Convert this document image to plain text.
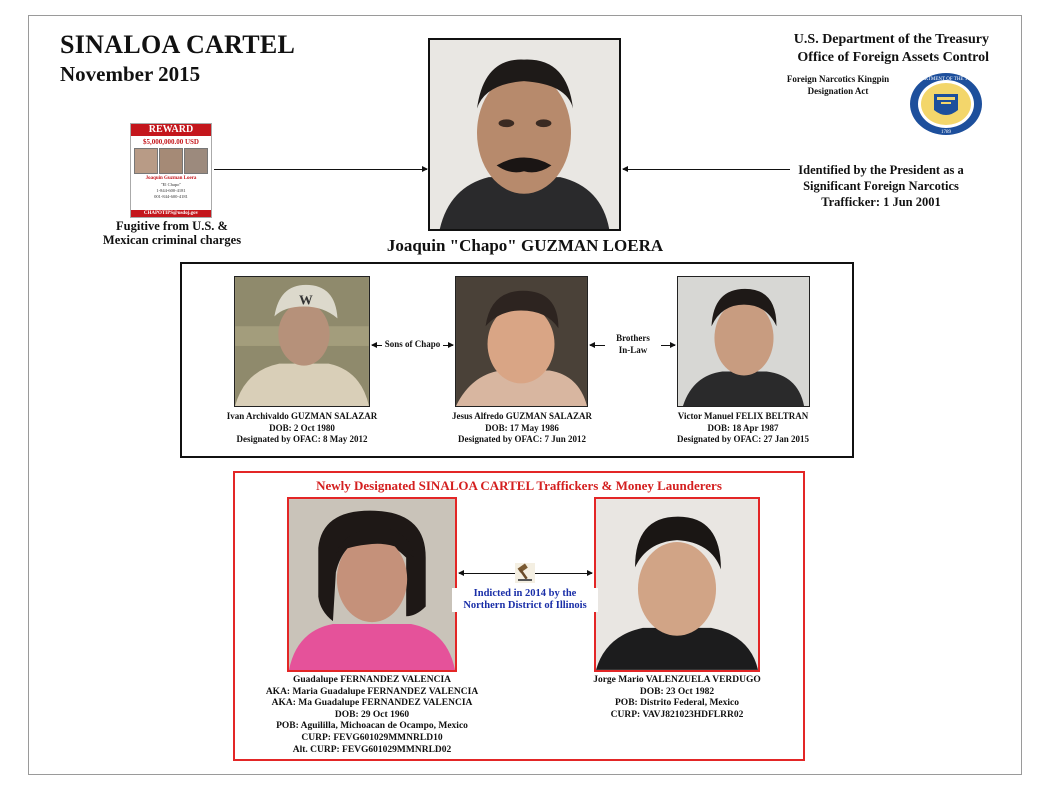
SINALOA CARTEL
November 2015
U.S. Department of the Treasury
Office of Foreign Assets Control
Foreign Narcotics Kingpin
Designation Act
THE DEPARTMENT OF THE TREASURY
1789
REWARD
$5,000,000.00 USD
Joaquin Guzman Loera
"El Chapo"
1-844-600-4181
001-844-600-4181
CHAPOTIPS@usdoj.gov
Fugitive from U.S. &
Mexican criminal charges	Joaquin "Chapo" GUZMAN LOERA
Identified by the President as a
Significant Foreign Narcotics
Trafficker: 1 Jun 2001
W
Sons of Chapo
Brothers
In-Law
Ivan Archivaldo GUZMAN SALAZAR
DOB: 2 Oct 1980
Designated by OFAC: 8 May 2012
Jesus Alfredo GUZMAN SALAZAR
DOB: 17 May 1986
Designated by OFAC: 7 Jun 2012
Victor Manuel FELIX BELTRAN
DOB: 18 Apr 1987
Designated by OFAC: 27 Jan 2015
Newly Designated SINALOA CARTEL Traffickers & Money Launderers
Indicted in 2014 by the
Northern District of Illinois
Guadalupe FERNANDEZ VALENCIA
AKA: Maria Guadalupe FERNANDEZ VALENCIA
AKA: Ma Guadalupe FERNANDEZ VALENCIA
DOB: 29 Oct 1960
POB: Aguililla, Michoacan de Ocampo, Mexico
CURP: FEVG601029MMNRLD10
Alt. CURP: FEVG601029MMNRLD02
Jorge Mario VALENZUELA VERDUGO
DOB: 23 Oct 1982
POB: Distrito Federal, Mexico
CURP: VAVJ821023HDFLRR02
